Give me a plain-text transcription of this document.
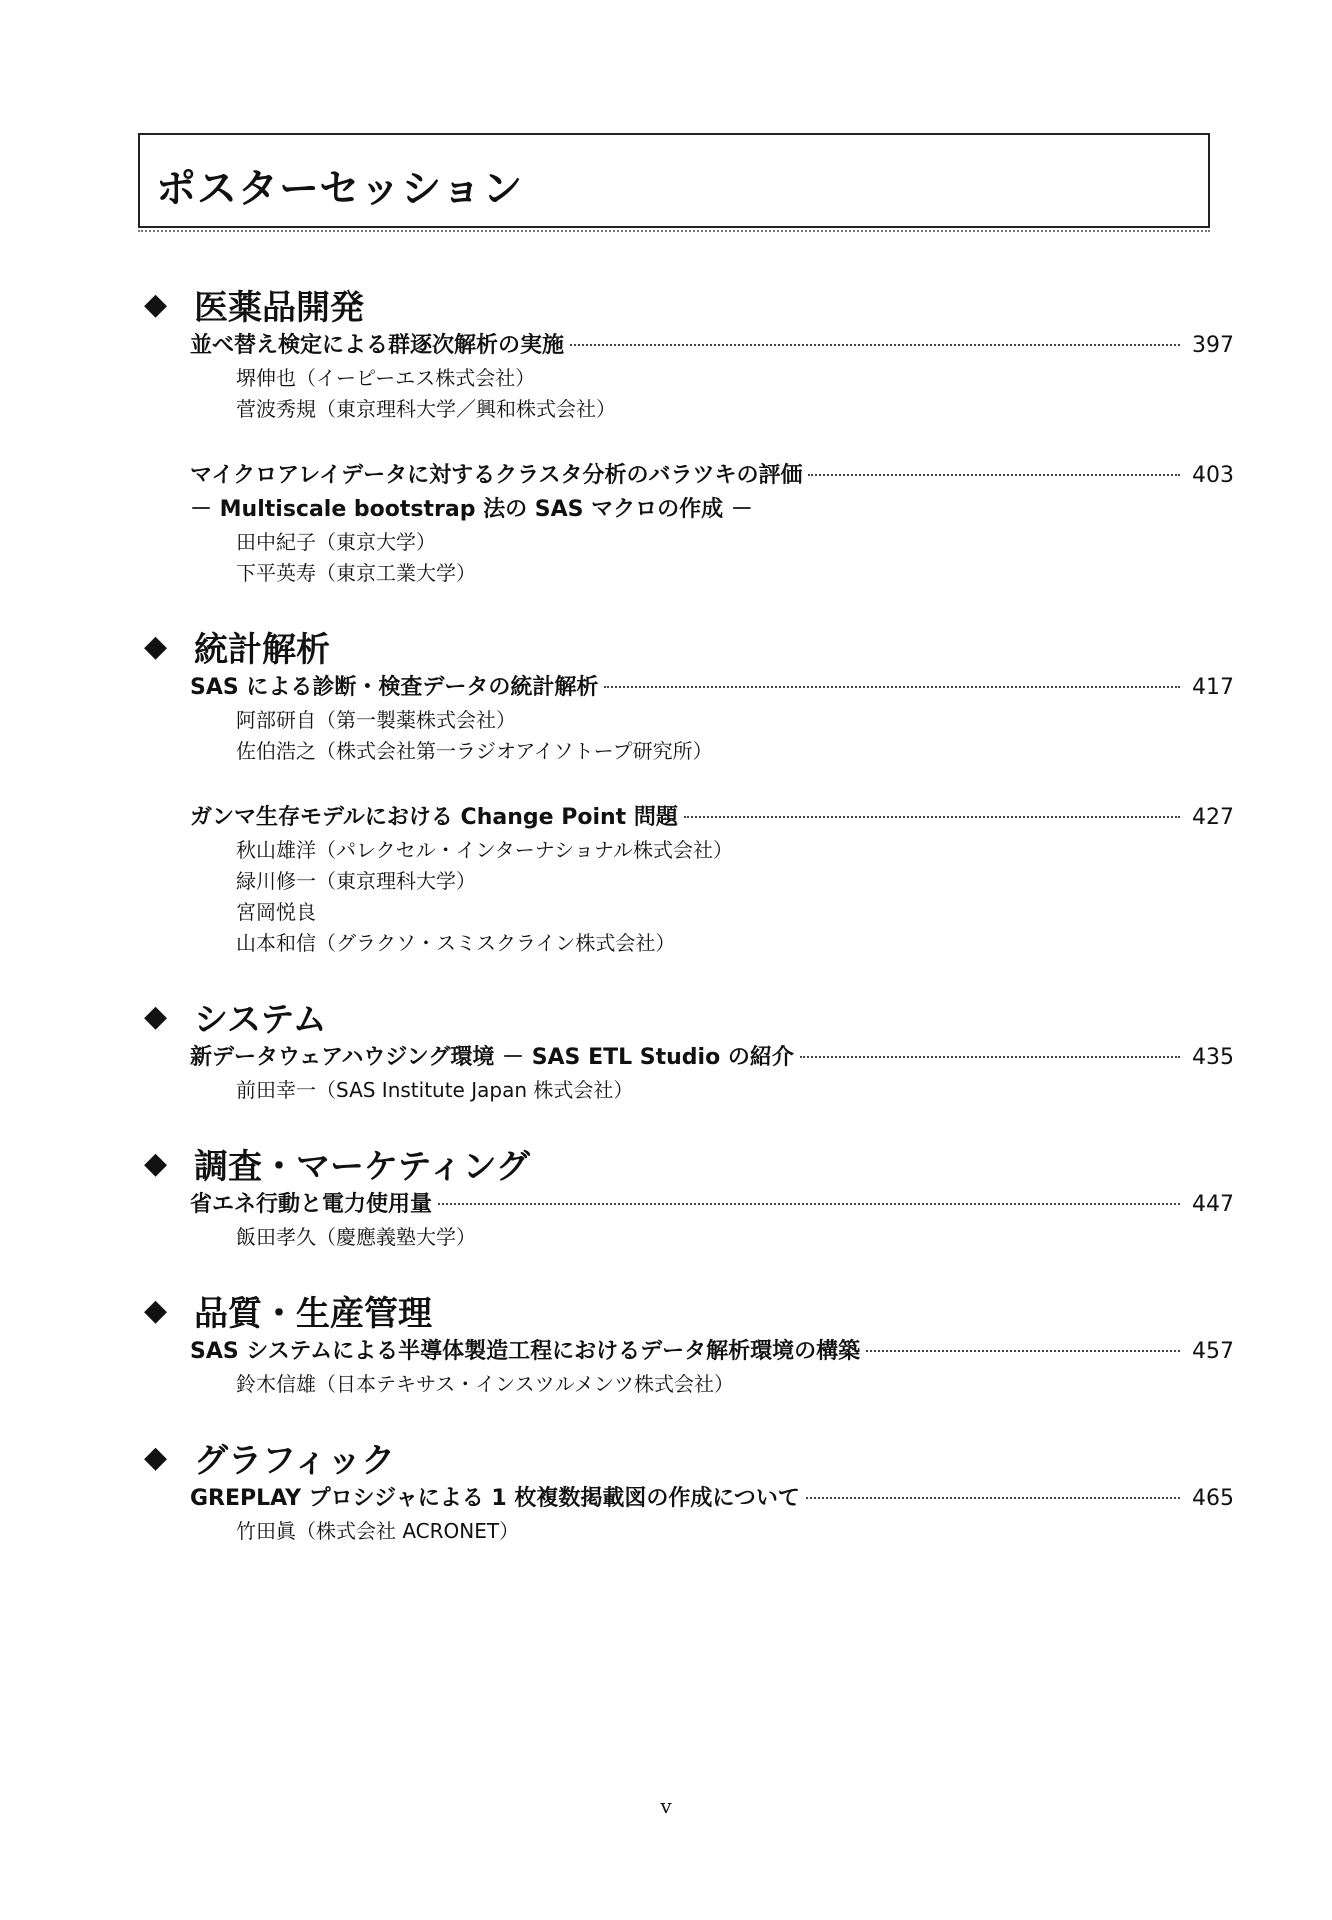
ポスターセッション
◆ 医薬品開発
並べ替え検定による群逐次解析の実施	397
堺伸也（イーピーエス株式会社）
菅波秀規（東京理科大学／興和株式会社）
マイクロアレイデータに対するクラスタ分析のバラツキの評価	403
－ Multiscale bootstrap 法の SAS マクロの作成 －
田中紀子（東京大学）
下平英寿（東京工業大学）
◆ 統計解析
SAS による診断・検査データの統計解析	417
阿部研自（第一製薬株式会社）
佐伯浩之（株式会社第一ラジオアイソトープ研究所）
ガンマ生存モデルにおける Change Point 問題	427
秋山雄洋（パレクセル・インターナショナル株式会社）
緑川修一（東京理科大学）
宮岡悦良
山本和信（グラクソ・スミスクライン株式会社）
◆ システム
新データウェアハウジング環境 － SAS ETL Studio の紹介	435
前田幸一（SAS Institute Japan 株式会社）
◆ 調査・マーケティング
省エネ行動と電力使用量	447
飯田孝久（慶應義塾大学）
◆ 品質・生産管理
SAS システムによる半導体製造工程におけるデータ解析環境の構築	457
鈴木信雄（日本テキサス・インスツルメンツ株式会社）
◆ グラフィック
GREPLAY プロシジャによる 1 枚複数掲載図の作成について	465
竹田眞（株式会社 ACRONET）
v
